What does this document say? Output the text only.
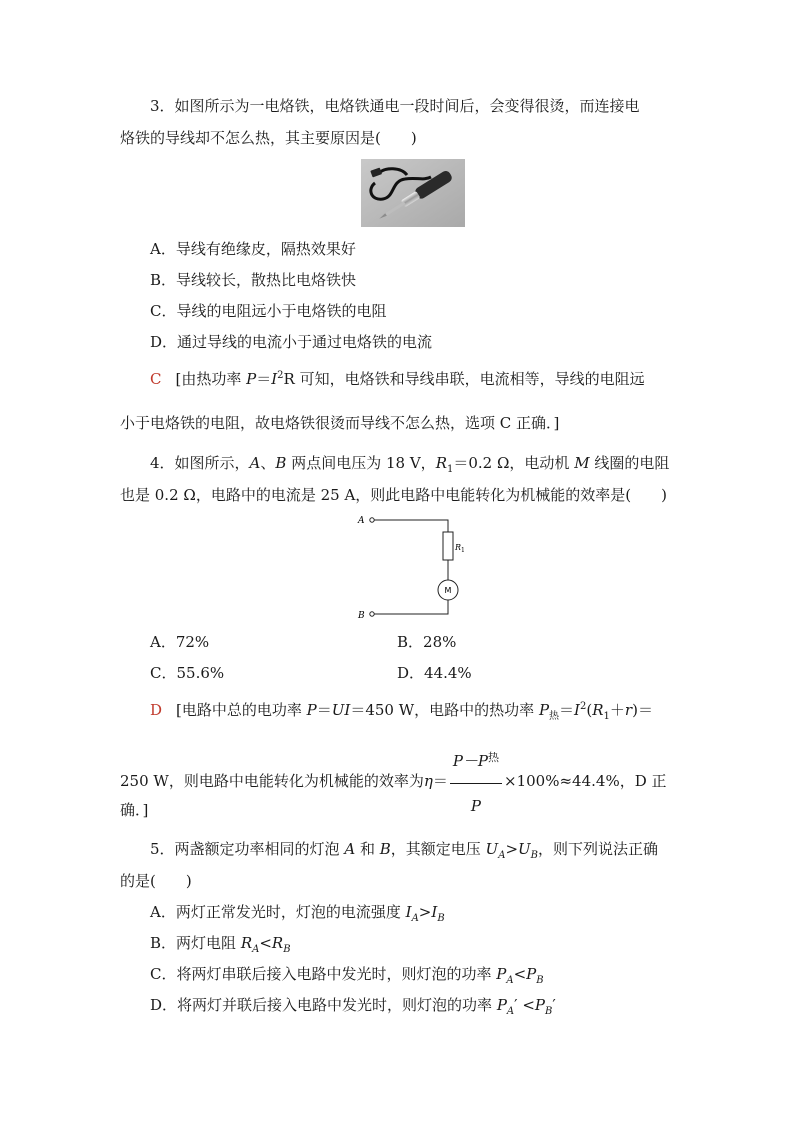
3．如图所示为一电烙铁，电烙铁通电一段时间后，会变得很烫，而连接电
烙铁的导线却不怎么热，其主要原因是(　　)
A．导线有绝缘皮，隔热效果好
B．导线较长，散热比电烙铁快
C．导线的电阻远小于电烙铁的电阻
D．通过导线的电流小于通过电烙铁的电流
C [由热功率 $P=I^2R$ 可知，电烙铁和导线串联，电流相等，导线的电阻远
小于电烙铁的电阻，故电烙铁很烫而导线不怎么热，选项 C 正确．]
4．如图所示，A、B 两点间电压为 18 V，$R_1=0.2$ Ω，电动机 M 线圈的电阻
也是 0.2 Ω，电路中的电流是 25 A，则此电路中电能转化为机械能的效率是(　　)
A
B
$R_1$
M
A．72%	B．28%
C．55.6%	D．44.4%
D [电路中总的电功率 P＝UI＝450 W，电路中的热功率 $P_热=I^2(R_1+r)=$
250 W，则电路中电能转化为机械能的效率为$\eta= \frac{P-P^热}{P} \times 100\%\approx 44.4\%$，D 正
确．]
5．两盏额定功率相同的灯泡 A 和 B，其额定电压 $U_A>U_B$，则下列说法正确
的是(　　)
A．两灯正常发光时，灯泡的电流强度 $I_A>I_B$
B．两灯电阻 $R_A<R_B$
C．将两灯串联后接入电路中发光时，则灯泡的功率 $P_A<P_B$
D．将两灯并联后接入电路中发光时，则灯泡的功率 $P_A' <P_B'$
